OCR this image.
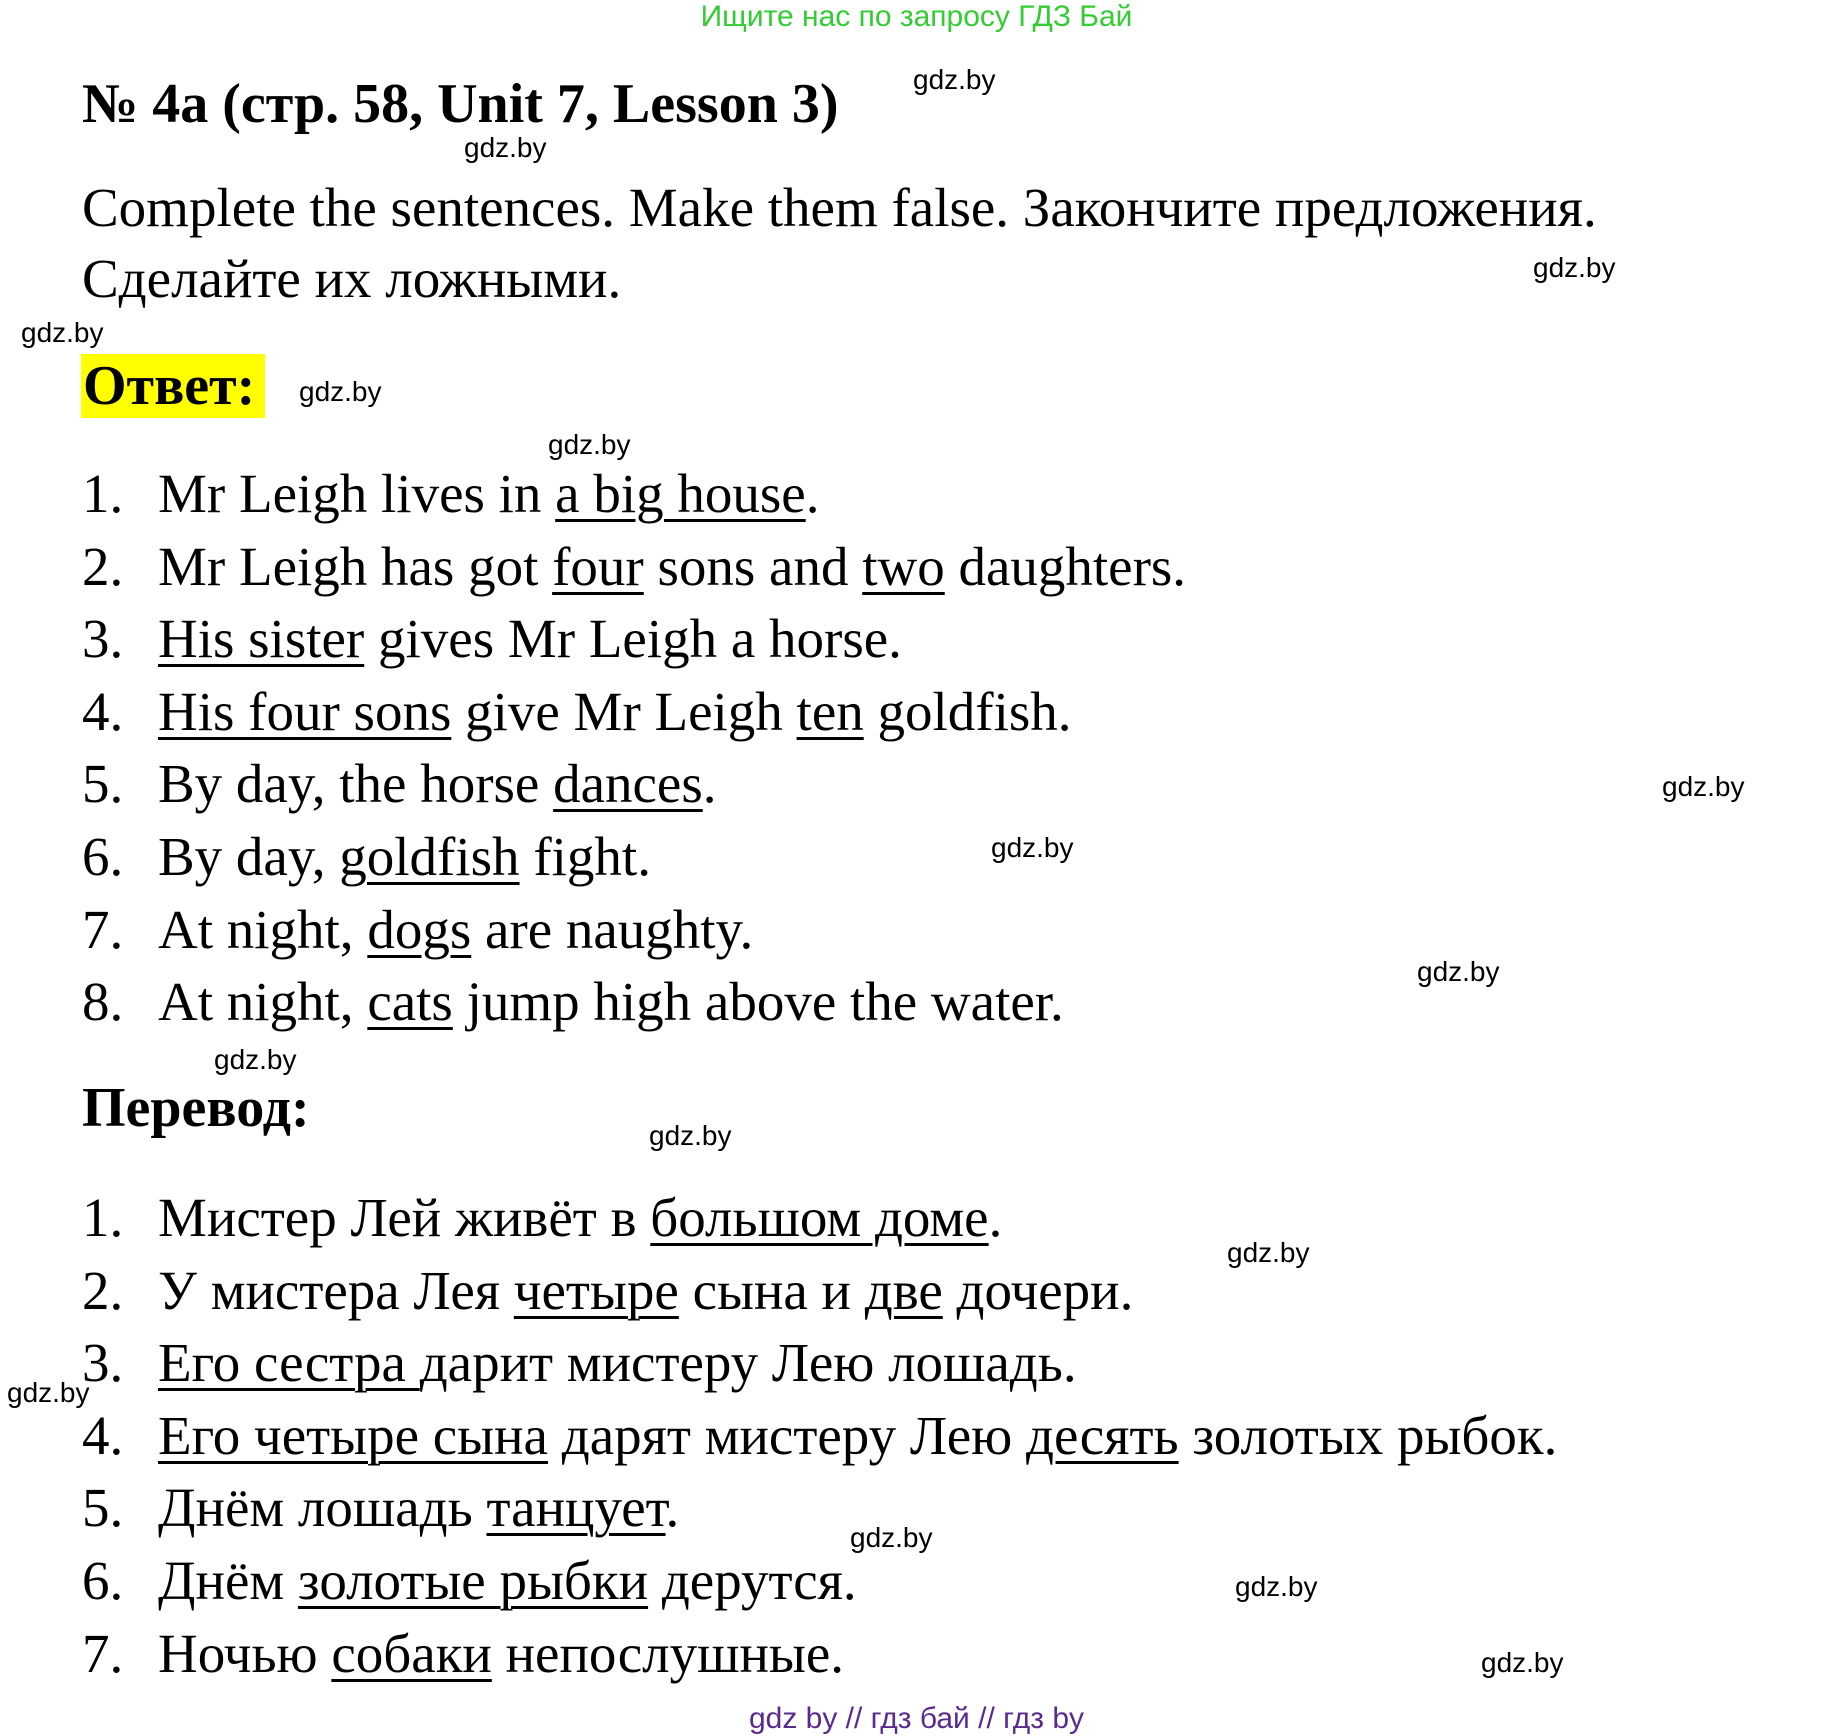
Ищите нас по запросу ГДЗ Бай
№ 4a (стр. 58, Unit 7, Lesson 3)
Complete the sentences. Make them false. Закончите предложения.
Сделайте их ложными.
Ответ:
1. Mr Leigh lives in a big house.
2. Mr Leigh has got four sons and two daughters.
3. His sister gives Mr Leigh a horse.
4. His four sons give Mr Leigh ten goldfish.
5. By day, the horse dances.
6. By day, goldfish fight.
7. At night, dogs are naughty.
8. At night, cats jump high above the water.
Перевод:
1. Мистер Лей живёт в большом доме.
2. У мистера Лея четыре сына и две дочери.
3. Его сестра дарит мистеру Лею лошадь.
4. Его четыре сына дарят мистеру Лею десять золотых рыбок.
5. Днём лошадь танцует.
6. Днём золотые рыбки дерутся.
7. Ночью собаки непослушные.
gdz.by
gdz.by
gdz.by
gdz.by
gdz.by
gdz.by
gdz.by
gdz.by
gdz.by
gdz.by
gdz.by
gdz.by
gdz.by
gdz.by
gdz.by
gdz.by
gdz by // гдз бай // гдз by
